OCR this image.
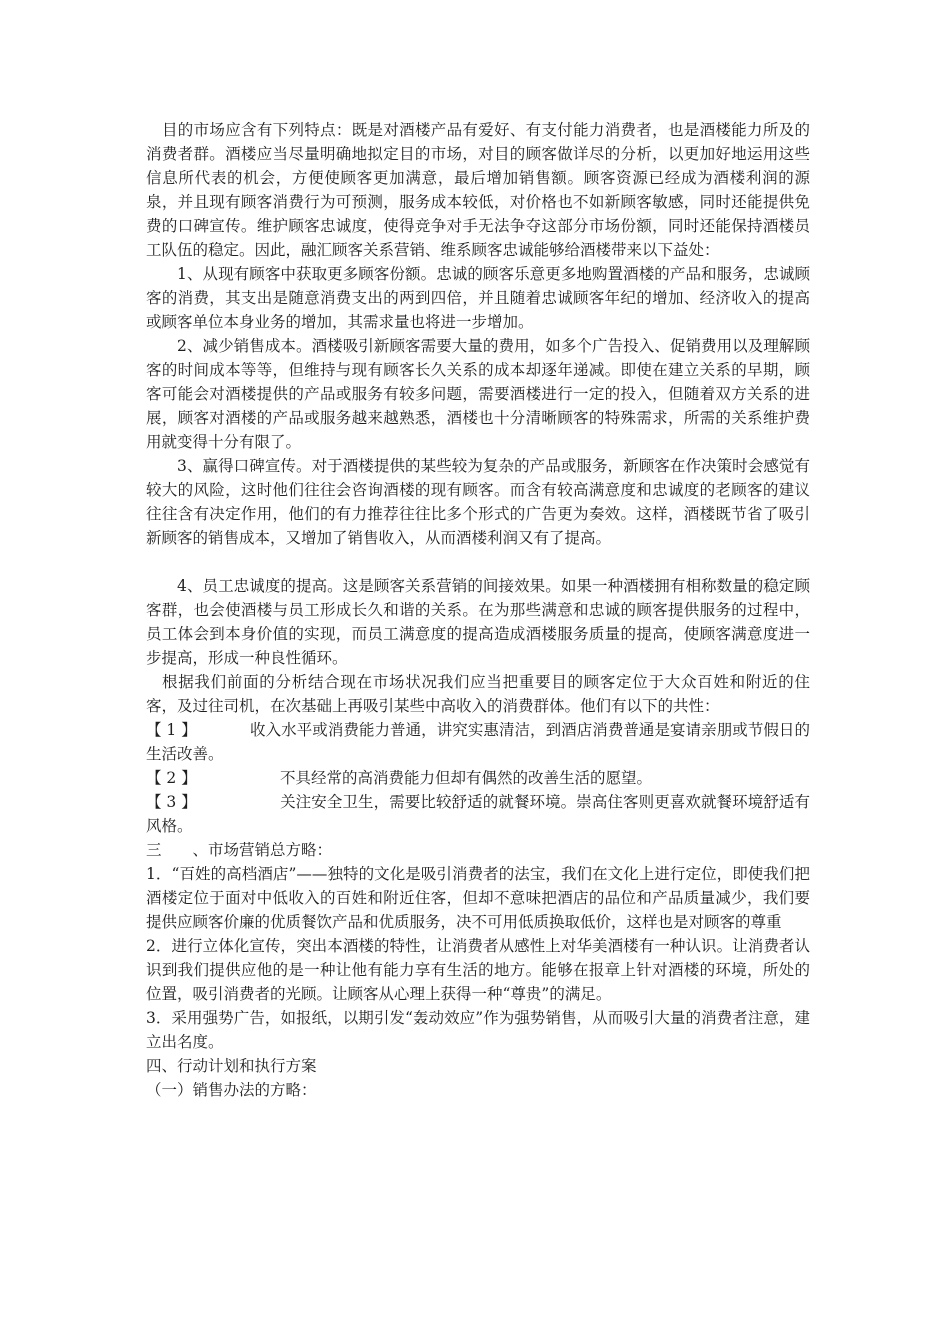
目的市场应含有下列特点：既是对酒楼产品有爱好、有支付能力消费者，也是酒楼能力所及的消费者群。酒楼应当尽量明确地拟定目的市场，对目的顾客做详尽的分析，以更加好地运用这些信息所代表的机会，方便使顾客更加满意，最后增加销售额。顾客资源已经成为酒楼利润的源泉，并且现有顾客消费行为可预测，服务成本较低，对价格也不如新顾客敏感，同时还能提供免费的口碑宣传。维护顾客忠诚度，使得竞争对手无法争夺这部分市场份额，同时还能保持酒楼员工队伍的稳定。因此，融汇顾客关系营销、维系顾客忠诚能够给酒楼带来以下益处：

1、从现有顾客中获取更多顾客份额。忠诚的顾客乐意更多地购置酒楼的产品和服务，忠诚顾客的消费，其支出是随意消费支出的两到四倍，并且随着忠诚顾客年纪的增加、经济收入的提高或顾客单位本身业务的增加，其需求量也将进一步增加。

2、减少销售成本。酒楼吸引新顾客需要大量的费用，如多个广告投入、促销费用以及理解顾客的时间成本等等，但维持与现有顾客长久关系的成本却逐年递减。即使在建立关系的早期，顾客可能会对酒楼提供的产品或服务有较多问题，需要酒楼进行一定的投入，但随着双方关系的进展，顾客对酒楼的产品或服务越来越熟悉，酒楼也十分清晰顾客的特殊需求，所需的关系维护费用就变得十分有限了。

3、赢得口碑宣传。对于酒楼提供的某些较为复杂的产品或服务，新顾客在作决策时会感觉有较大的风险，这时他们往往会咨询酒楼的现有顾客。而含有较高满意度和忠诚度的老顾客的建议往往含有决定作用，他们的有力推荐往往比多个形式的广告更为奏效。这样，酒楼既节省了吸引新顾客的销售成本，又增加了销售收入，从而酒楼利润又有了提高。

4、员工忠诚度的提高。这是顾客关系营销的间接效果。如果一种酒楼拥有相称数量的稳定顾客群，也会使酒楼与员工形成长久和谐的关系。在为那些满意和忠诚的顾客提供服务的过程中，员工体会到本身价值的实现，而员工满意度的提高造成酒楼服务质量的提高，使顾客满意度进一步提高，形成一种良性循环。

根据我们前面的分析结合现在市场状况我们应当把重要目的顾客定位于大众百姓和附近的住客，及过往司机，在次基础上再吸引某些中高收入的消费群体。他们有以下的共性：

【 1 】	收入水平或消费能力普通，讲究实惠清洁，到酒店消费普通是宴请亲朋或节假日的生活改善。

【 2 】	不具经常的高消费能力但却有偶然的改善生活的愿望。

【 3 】	关注安全卫生，需要比较舒适的就餐环境。崇高住客则更喜欢就餐环境舒适有风格。

三　　、市场营销总方略：

1．“百姓的高档酒店”——独特的文化是吸引消费者的法宝，我们在文化上进行定位，即使我们把酒楼定位于面对中低收入的百姓和附近住客，但却不意味把酒店的品位和产品质量减少，我们要提供应顾客价廉的优质餐饮产品和优质服务，决不可用低质换取低价，这样也是对顾客的尊重

2．进行立体化宣传，突出本酒楼的特性，让消费者从感性上对华美酒楼有一种认识。让消费者认识到我们提供应他的是一种让他有能力享有生活的地方。能够在报章上针对酒楼的环境，所处的位置，吸引消费者的光顾。让顾客从心理上获得一种“尊贵”的满足。

3．采用强势广告，如报纸，以期引发“轰动效应”作为强势销售，从而吸引大量的消费者注意，建立出名度。

四、行动计划和执行方案

（一）销售办法的方略：
